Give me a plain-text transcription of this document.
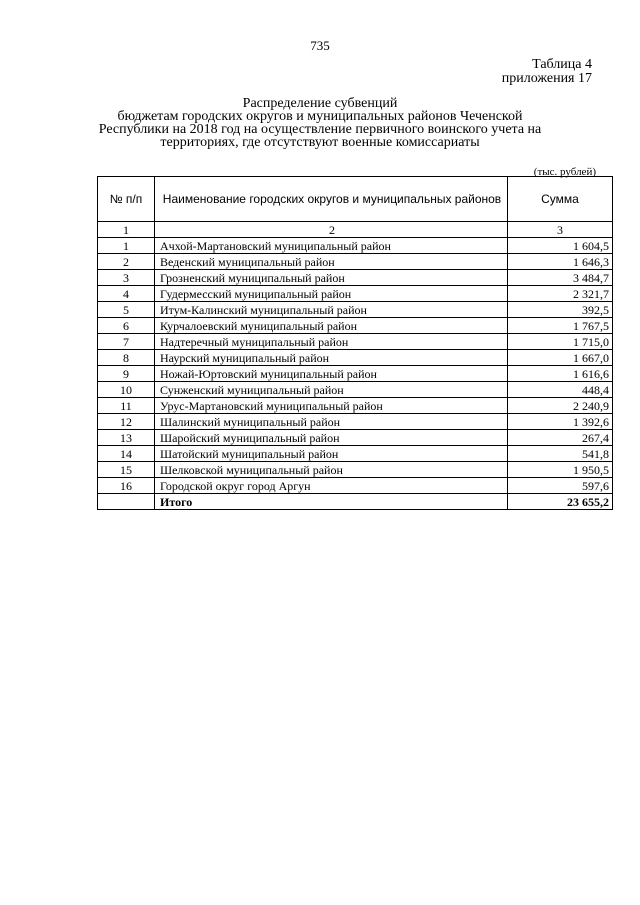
735
Таблица 4
приложения 17
Распределение субвенций
бюджетам городских округов и муниципальных районов Чеченской
Республики на 2018 год на осуществление первичного воинского учета на
территориях, где отсутствуют военные комиссариаты
(тыс. рублей)
№ п/п	Наименование городских округов и муниципальных районов	Сумма
1	2	3
1	Ачхой-Мартановский муниципальный район	1 604,5
2	Веденский муниципальный район	1 646,3
3	Грозненский муниципальный район	3 484,7
4	Гудермесский муниципальный район	2 321,7
5	Итум-Калинский муниципальный район	392,5
6	Курчалоевский муниципальный район	1 767,5
7	Надтеречный муниципальный район	1 715,0
8	Наурский муниципальный район	1 667,0
9	Ножай-Юртовский муниципальный район	1 616,6
10	Сунженский муниципальный район	448,4
11	Урус-Мартановский муниципальный район	2 240,9
12	Шалинский муниципальный район	1 392,6
13	Шаройский муниципальный район	267,4
14	Шатойский муниципальный район	541,8
15	Шелковской муниципальный район	1 950,5
16	Городской округ город Аргун	597,6
	Итого	23 655,2
